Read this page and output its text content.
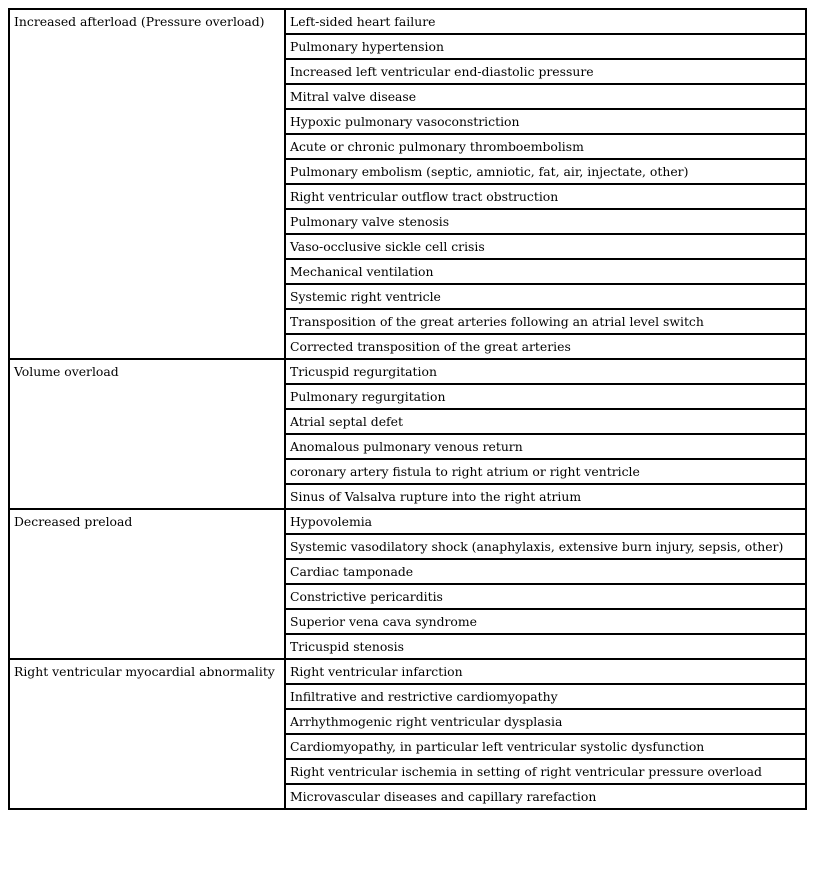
Increased afterload (Pressure overload)	Left-sided heart failure
	Pulmonary hypertension
	Increased left ventricular end-diastolic pressure
	Mitral valve disease
	Hypoxic pulmonary vasoconstriction
	Acute or chronic pulmonary thromboembolism
	Pulmonary embolism (septic, amniotic, fat, air, injectate, other)
	Right ventricular outflow tract obstruction
	Pulmonary valve stenosis
	Vaso-occlusive sickle cell crisis
	Mechanical ventilation
	Systemic right ventricle
	Transposition of the great arteries following an atrial level switch
	Corrected transposition of the great arteries
Volume overload	Tricuspid regurgitation
	Pulmonary regurgitation
	Atrial septal defet
	Anomalous pulmonary venous return
	coronary artery fistula to right atrium or right ventricle
	Sinus of Valsalva rupture into the right atrium
Decreased preload	Hypovolemia
	Systemic vasodilatory shock (anaphylaxis, extensive burn injury, sepsis, other)
	Cardiac tamponade
	Constrictive pericarditis
	Superior vena cava syndrome
	Tricuspid stenosis
Right ventricular myocardial abnormality	Right ventricular infarction
	Infiltrative and restrictive cardiomyopathy
	Arrhythmogenic right ventricular dysplasia
	Cardiomyopathy, in particular left ventricular systolic dysfunction
	Right ventricular ischemia in setting of right ventricular pressure overload
	Microvascular diseases and capillary rarefaction
